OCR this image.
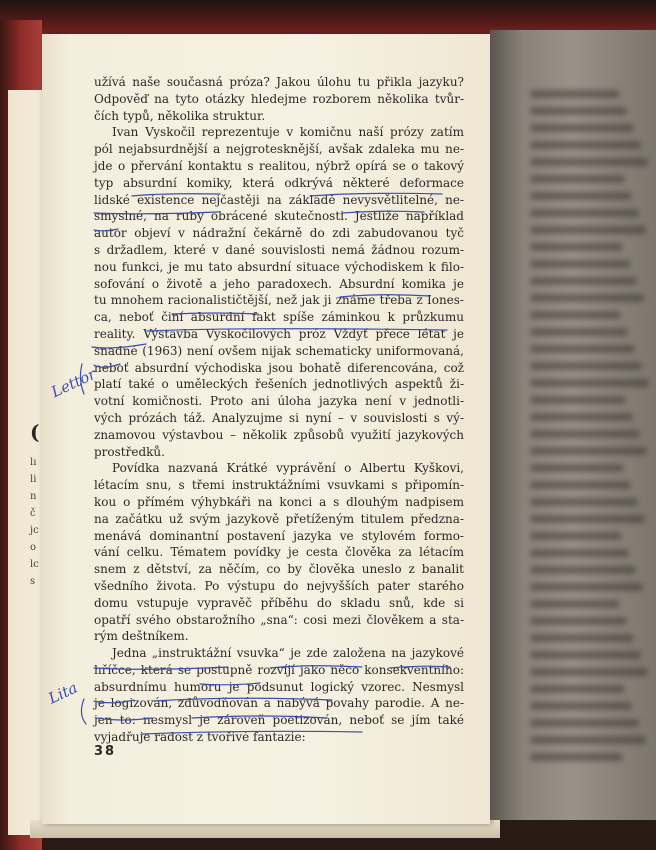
(
lı
li
n
č
jc
o
lc
s
užívá naše současná próza? Jakou úlohu tu přikla jazyku?
Odpověď na tyto otázky hledejme rozborem několika tvůr-
čích typů, několika struktur.
Ivan Vyskočil reprezentuje v komičnu naší prózy zatím
pól nejabsurdnější a nejgrotesknější, avšak zdaleka mu ne-
jde o přervání kontaktu s realitou, nýbrž opírá se o takový
typ absurdní komiky, která odkrývá některé deformace
lidské existence nejčastěji na základě nevysvětlitelné, ne-
smyslné, na ruby obrácené skutečnosti. Jestliže například
autor objeví v nádražní čekárně do zdi zabudovanou tyč
s držadlem, které v dané souvislosti nemá žádnou rozum-
nou funkci, je mu tato absurdní situace východiskem k filo-
sofování o životě a jeho paradoxech. Absurdní komika je
tu mnohem racionalističtější, než jak ji známe třeba z Iones-
ca, neboť činí absurdní fakt spíše záminkou k průzkumu
reality. Výstavba Vyskočilových próz Vždyť přece létat je
snadné (1963) není ovšem nijak schematicky uniformovaná,
neboť absurdní východiska jsou bohatě diferencována, což
platí také o uměleckých řešeních jednotlivých aspektů ži-
votní komičnosti. Proto ani úloha jazyka není v jednotli-
vých prózách táž. Analyzujme si nyní – v souvislosti s vý-
znamovou výstavbou – několik způsobů využití jazykových
prostředků.
Povídka nazvaná Krátké vyprávění o Albertu Kyškovi,
létacím snu, s třemi instruktážními vsuvkami s připomín-
kou o přímém výhybkáři na konci a s dlouhým nadpisem
na začátku už svým jazykově přetíženým titulem předzna-
menává dominantní postavení jazyka ve stylovém formo-
vání celku. Tématem povídky je cesta člověka za létacím
snem z dětství, za něčím, co by člověka uneslo z banalit
všedního života. Po výstupu do nejvyšších pater starého
domu vstupuje vypravěč příběhu do skladu snů, kde si
opatří svého obstarožního „sna“: cosi mezi člověkem a sta-
rým deštníkem.
Jedna „instruktážní vsuvka“ je zde založena na jazykové
hříčce, která se postupně rozvíjí jako něco konsekventního:
absurdnímu humoru je podsunut logický vzorec. Nesmysl
je logizován, zdůvodňován a nabývá povahy parodie. A ne-
jen to: nesmysl je zároveň poetizován, neboť se jím také
vyjadřuje radost z tvořivé fantazie:
38
Lettor
Lita
